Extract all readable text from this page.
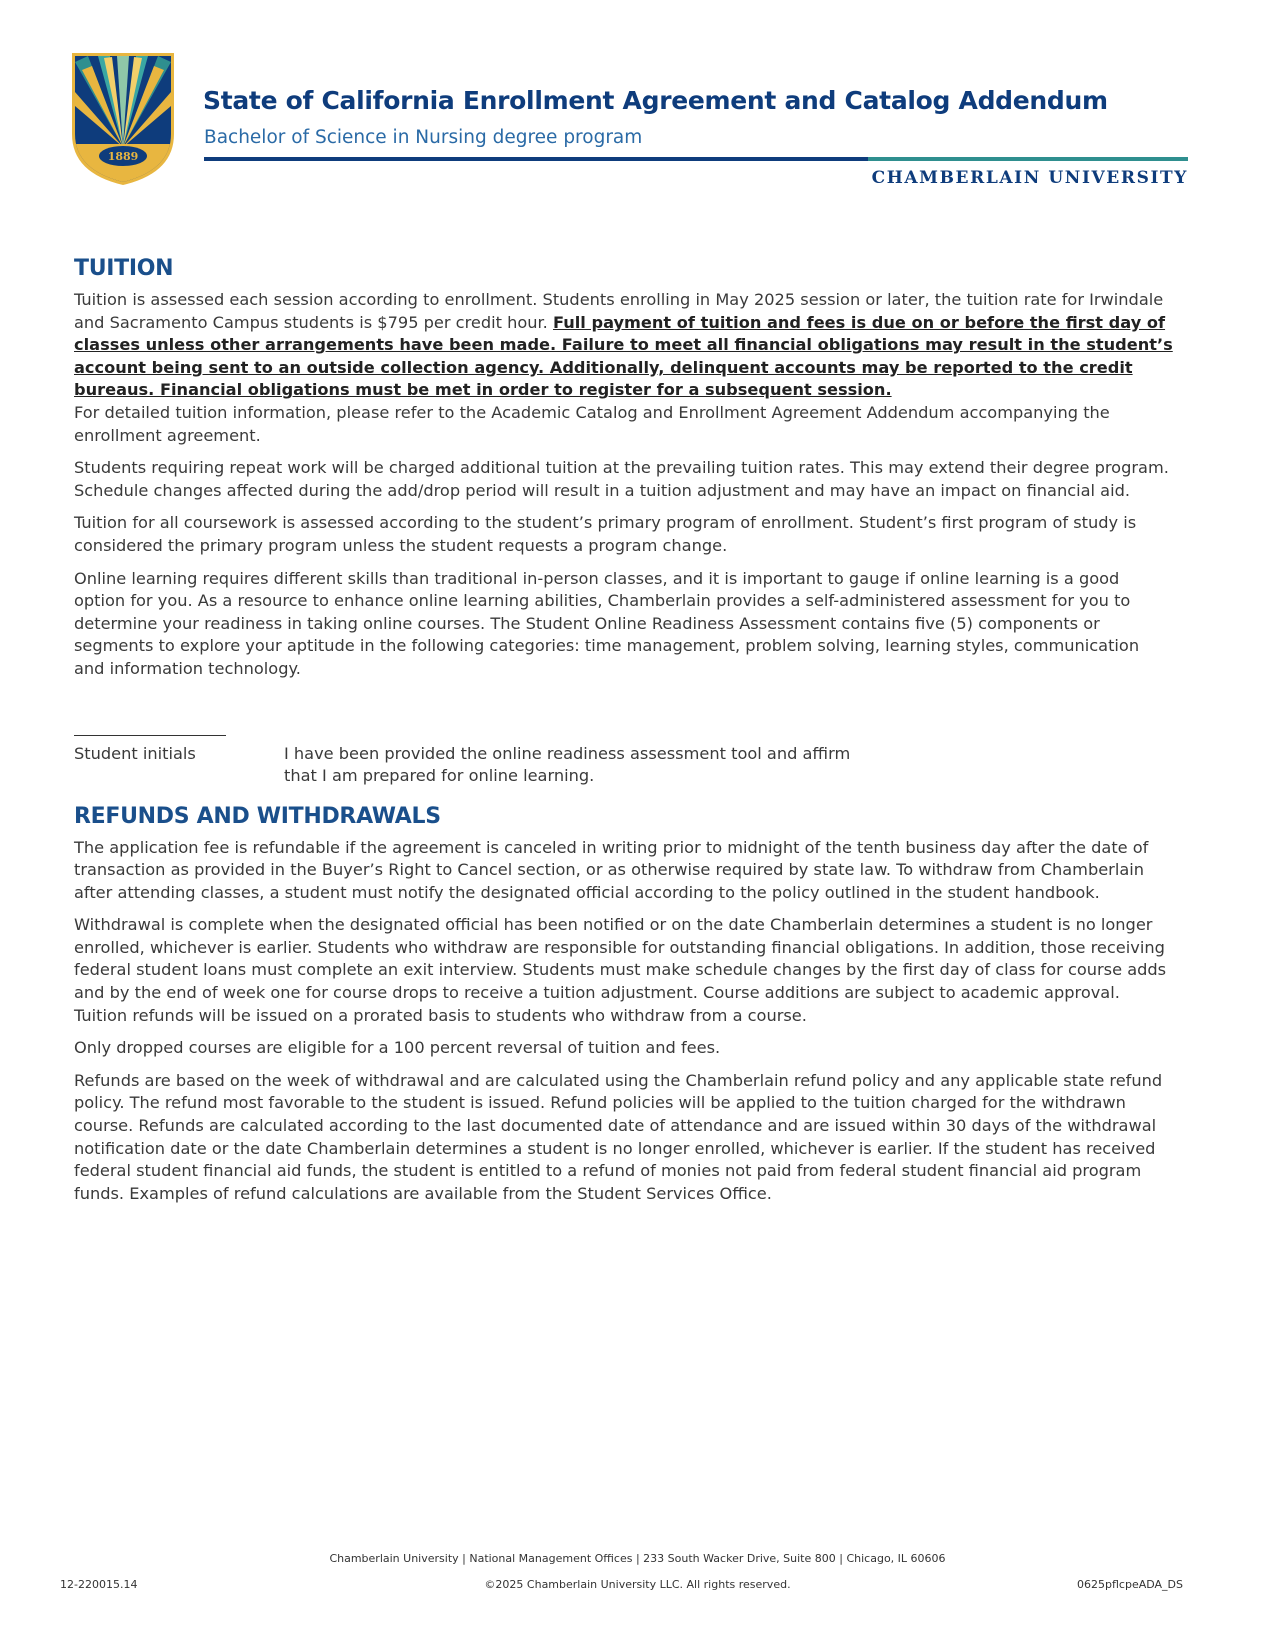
1889
State of California Enrollment Agreement and Catalog Addendum
Bachelor of Science in Nursing degree program
CHAMBERLAIN UNIVERSITY
TUITION

Tuition is assessed each session according to enrollment. Students enrolling in May 2025 session or later, the tuition rate for Irwindale and Sacramento Campus students is $795 per credit hour. Full payment of tuition and fees is due on or before the first day of classes unless other arrangements have been made. Failure to meet all financial obligations may result in the student’s account being sent to an outside collection agency. Additionally, delinquent accounts may be reported to the credit bureaus. Financial obligations must be met in order to register for a subsequent session.

For detailed tuition information, please refer to the Academic Catalog and Enrollment Agreement Addendum accompanying the enrollment agreement.

Students requiring repeat work will be charged additional tuition at the prevailing tuition rates. This may extend their degree program. Schedule changes affected during the add/drop period will result in a tuition adjustment and may have an impact on financial aid.

Tuition for all coursework is assessed according to the student’s primary program of enrollment. Student’s first program of study is considered the primary program unless the student requests a program change.

Online learning requires different skills than traditional in-person classes, and it is important to gauge if online learning is a good option for you. As a resource to enhance online learning abilities, Chamberlain provides a self-administered assessment for you to determine your readiness in taking online courses. The Student Online Readiness Assessment contains five (5) components or segments to explore your aptitude in the following categories: time management, problem solving, learning styles, communication and information technology.

Student initials	I have been provided the online readiness assessment tool and affirm that I am prepared for online learning.
REFUNDS AND WITHDRAWALS

The application fee is refundable if the agreement is canceled in writing prior to midnight of the tenth business day after the date of transaction as provided in the Buyer’s Right to Cancel section, or as otherwise required by state law. To withdraw from Chamberlain after attending classes, a student must notify the designated official according to the policy outlined in the student handbook.

Withdrawal is complete when the designated official has been notified or on the date Chamberlain determines a student is no longer enrolled, whichever is earlier. Students who withdraw are responsible for outstanding financial obligations. In addition, those receiving federal student loans must complete an exit interview. Students must make schedule changes by the first day of class for course adds and by the end of week one for course drops to receive a tuition adjustment. Course additions are subject to academic approval. Tuition refunds will be issued on a prorated basis to students who withdraw from a course.

Only dropped courses are eligible for a 100 percent reversal of tuition and fees.

Refunds are based on the week of withdrawal and are calculated using the Chamberlain refund policy and any applicable state refund policy. The refund most favorable to the student is issued. Refund policies will be applied to the tuition charged for the withdrawn course. Refunds are calculated according to the last documented date of attendance and are issued within 30 days of the withdrawal notification date or the date Chamberlain determines a student is no longer enrolled, whichever is earlier. If the student has received federal student financial aid funds, the student is entitled to a refund of monies not paid from federal student financial aid program funds. Examples of refund calculations are available from the Student Services Office.

Chamberlain University | National Management Offices | 233 South Wacker Drive, Suite 800 | Chicago, IL 60606
12-220015.14	©2025 Chamberlain University LLC. All rights reserved.	0625pflcpeADA_DS
